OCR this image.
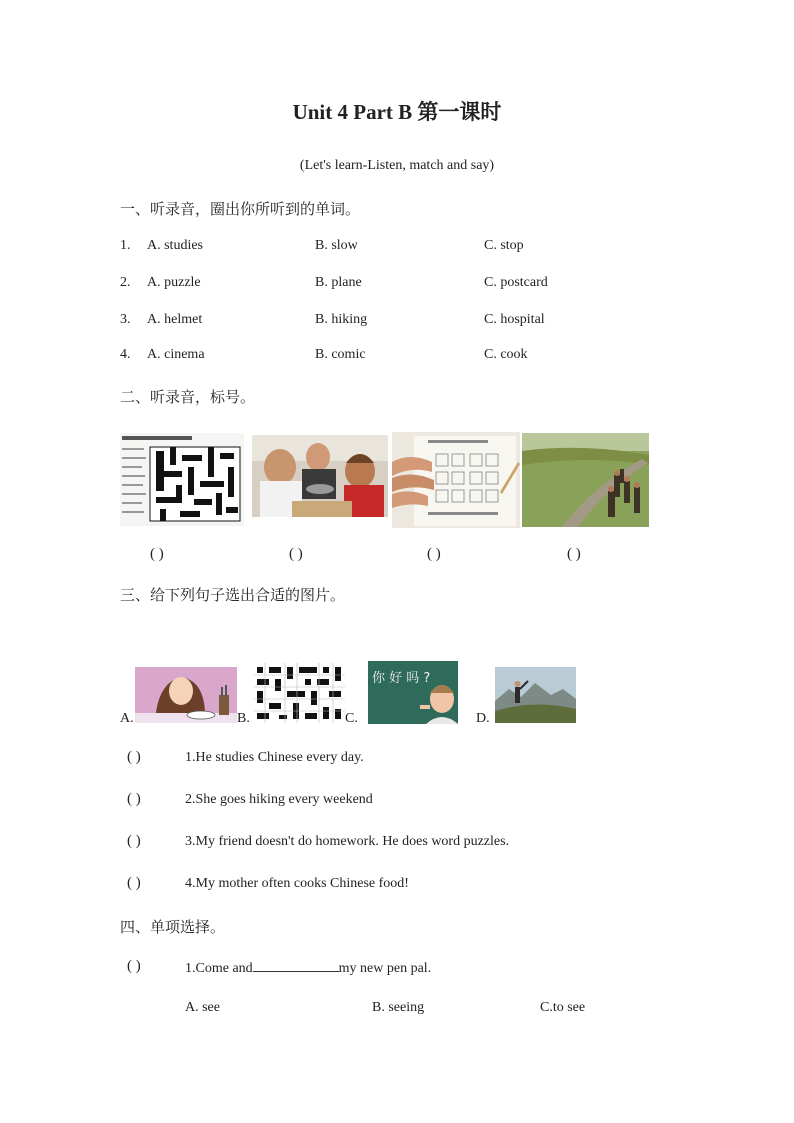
Unit 4 Part B 第一课时
(Let's learn-Listen, match and say)
一、听录音，圈出你所听到的单词。
1. A. studies	B. slow	C. stop
2. A. puzzle	B. plane	C. postcard
3. A. helmet	B. hiking	C. hospital
4. A. cinema	B. comic	C. cook
二、听录音，标号。
( )	( )	( )	( )
三、给下列句子选出合适的图片。
A.	B.	C.
你 好 吗 ?
D.
( )	1.He studies Chinese every day.
( )	2.She goes hiking every weekend
( )	3.My friend doesn't do homework. He does word puzzles.
( )	4.My mother often cooks Chinese food!
四、单项选择。
( )	1.Come and	my new pen pal.
A. see	B. seeing	C.to see
